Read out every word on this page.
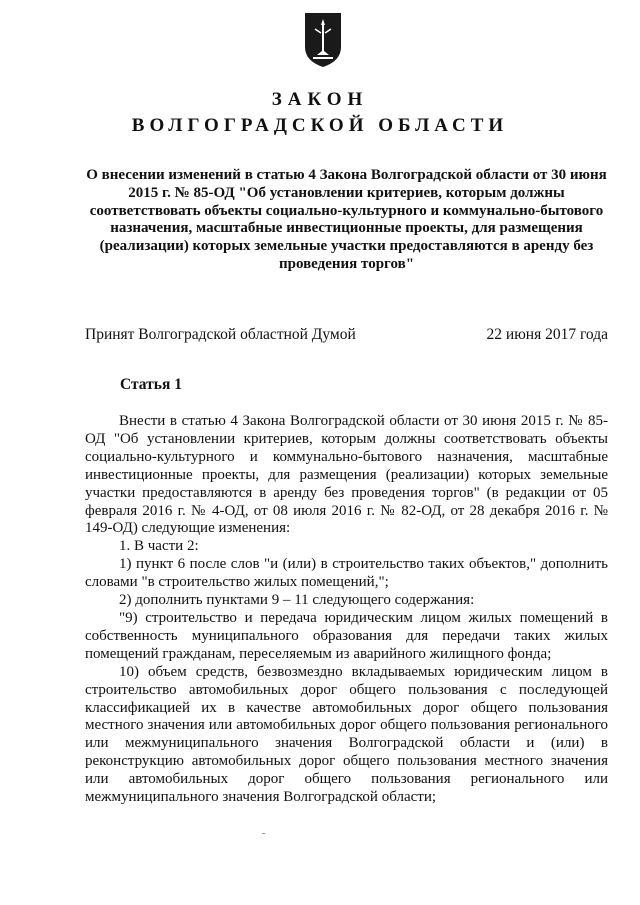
ЗАКОН
ВОЛГОГРАДСКОЙ ОБЛАСТИ
О внесении изменений в статью 4 Закона Волгоградской области от 30 июня 2015 г. № 85-ОД "Об установлении критериев, которым должны соответствовать объекты социально-культурного и коммунально-бытового назначения, масштабные инвестиционные проекты, для размещения (реализации) которых земельные участки предоставляются в аренду без проведения торгов"
Принят Волгоградской областной Думой	22 июня 2017 года
Статья 1

Внести в статью 4 Закона Волгоградской области от 30 июня 2015 г. № 85-ОД "Об установлении критериев, которым должны соответствовать объекты социально-культурного и коммунально-бытового назначения, масштабные инвестиционные проекты, для размещения (реализации) которых земельные участки предоставляются в аренду без проведения торгов" (в редакции от 05 февраля 2016 г. № 4-ОД, от 08 июля 2016 г. № 82-ОД, от 28 декабря 2016 г. № 149-ОД) следующие изменения:

1. В части 2:

1) пункт 6 после слов "и (или) в строительство таких объектов," дополнить словами "в строительство жилых помещений,";

2) дополнить пунктами 9 – 11 следующего содержания:

"9) строительство и передача юридическим лицом жилых помещений в собственность муниципального образования для передачи таких жилых помещений гражданам, переселяемым из аварийного жилищного фонда;

10) объем средств, безвозмездно вкладываемых юридическим лицом в строительство автомобильных дорог общего пользования с последующей классификацией их в качестве автомобильных дорог общего пользования местного значения или автомобильных дорог общего пользования регионального или межмуниципального значения Волгоградской области и (или) в реконструкцию автомобильных дорог общего пользования местного значения или автомобильных дорог общего пользования регионального или межмуниципального значения Волгоградской области;
